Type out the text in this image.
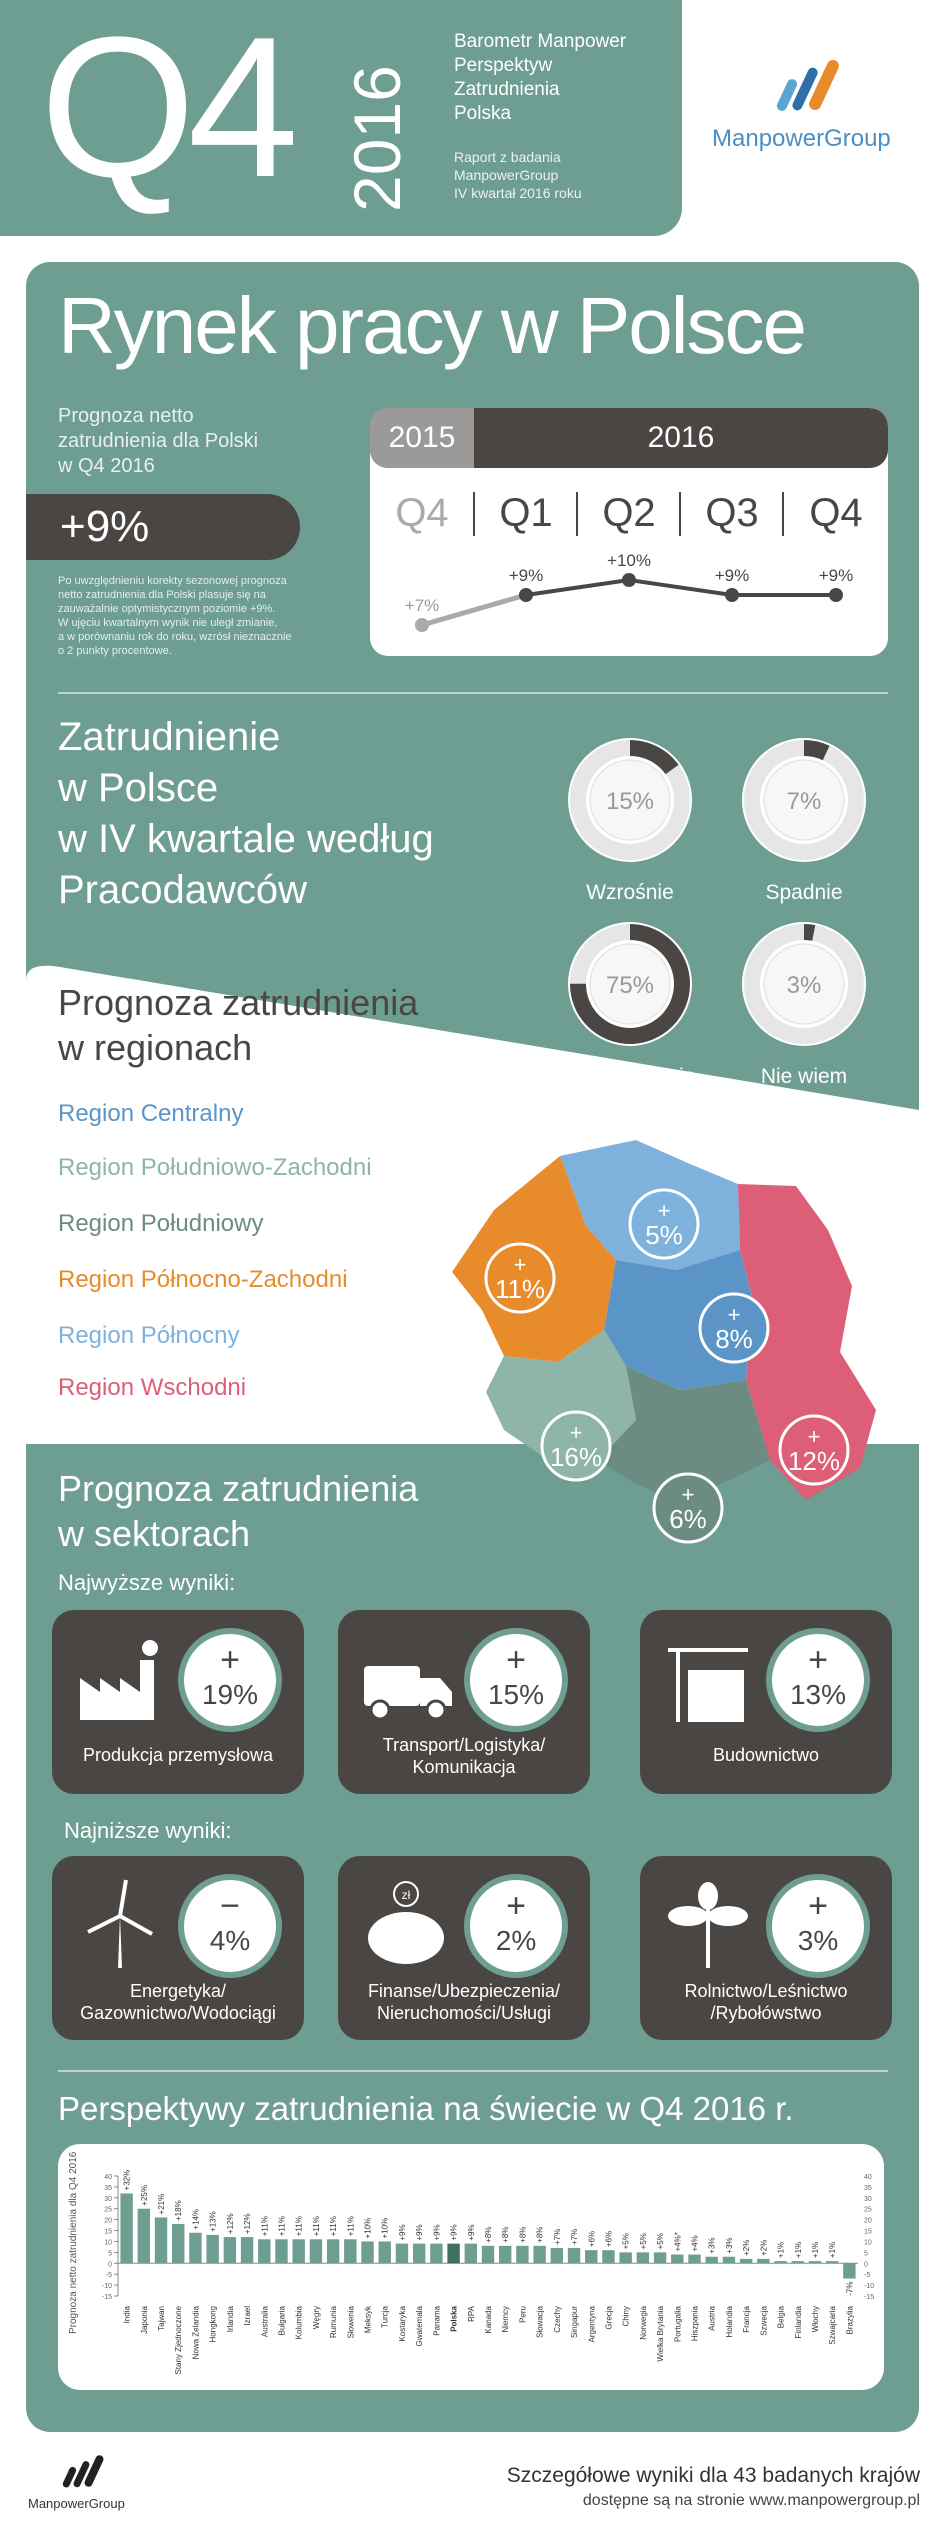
Q4 2016
Barometr Manpower
Perspektyw
Zatrudnienia
Polska
Raport z badania
ManpowerGroup
IV kwartał 2016 roku
ManpowerGroup
Rynek pracy w Polsce
Prognoza netto
zatrudnienia dla Polski
w Q4 2016
+9%
Po uwzględnieniu korekty sezonowej prognoza
netto zatrudnienia dla Polski plasuje się na
zauważalnie optymistycznym poziomie +9%.
W ujęciu kwartalnym wynik nie uległ zmianie,
a w porównaniu rok do roku, wzrósł nieznacznie
o 2 punkty procentowe.
2015	2016
Q4	Q1	Q2	Q3	Q4
+7%
+9%
+10%
+9%	+9%
Zatrudnienie
w Polsce
w IV kwartale według
Pracodawców
15%
Wzrośnie
7%
Spadnie
75%	3%
Nie wiem
Prognoza zatrudnienia
w regionach
Region Centralny
Region Południowo-Zachodni
Region Południowy
Region Północno-Zachodni
Region Północny
Region Wschodni
+
5%
+
11%
+
8%
+
16%
+
12%
+
6%
Prognoza zatrudnienia
w sektorach
Najwyższe wyniki:
Najniższe wyniki:
+
19%
Produkcja przemysłowa
+
15%
Transport/Logistyka/
Komunikacja
+
13%
Budownictwo
−
4%
Energetyka/
Gazownictwo/Wodociągi
zł	+
2%
Finanse/Ubezpieczenia/
Nieruchomości/Usługi
+
3%
Rolnictwo/Leśnictwo
/Rybołówstwo
Perspektywy zatrudnienia na świecie w Q4 2016 r.
Prognoza netto zatrudnienia dla Q4 2016	-15	-15
-10	-10
-5	-5
0	0
5	5
10	10
15	15
20	20
25	25
30	30
35	35
40	40
+32%
India
+25%
Japonia
+21%
Tajwan
+18%
Stany Zjednoczone
+14%
Nowa Zelandia
+13%
Hongkong
+12%
Irlandia
+12%
Izrael
+11%
Australia
+11%
Bułgaria
+11%
Kolumbia
+11%
Węgry
+11%
Rumunia
+11%
Słowenia
+10%
Meksyk
+10%
Turcja
+9%
Kostaryka
+9%
Gwatemala
+9%
Panama
+9%
Polska
+9%
RPA
+8%
Kanada
+8%
Niemcy
+8%
Peru
+8%
Słowacja
+7%
Czechy
+7%
Singapur
+6%
Argentyna
+6%
Grecja
+5%
Chiny
+5%
Norwegia
+5%
Wielka Brytania
+4%*
Portugalia
+4%
Hiszpania
+3%
Austria
+3%
Holandia
+2%
Francja
+2%
Szwecja
+1%
Belgia
+1%
Finlandia
+1%
Włochy
+1%
Szwajcaria
-7%
Brazylia
ManpowerGroup
Szczegółowe wyniki dla 43 badanych krajów
dostępne są na stronie www.manpowergroup.pl
